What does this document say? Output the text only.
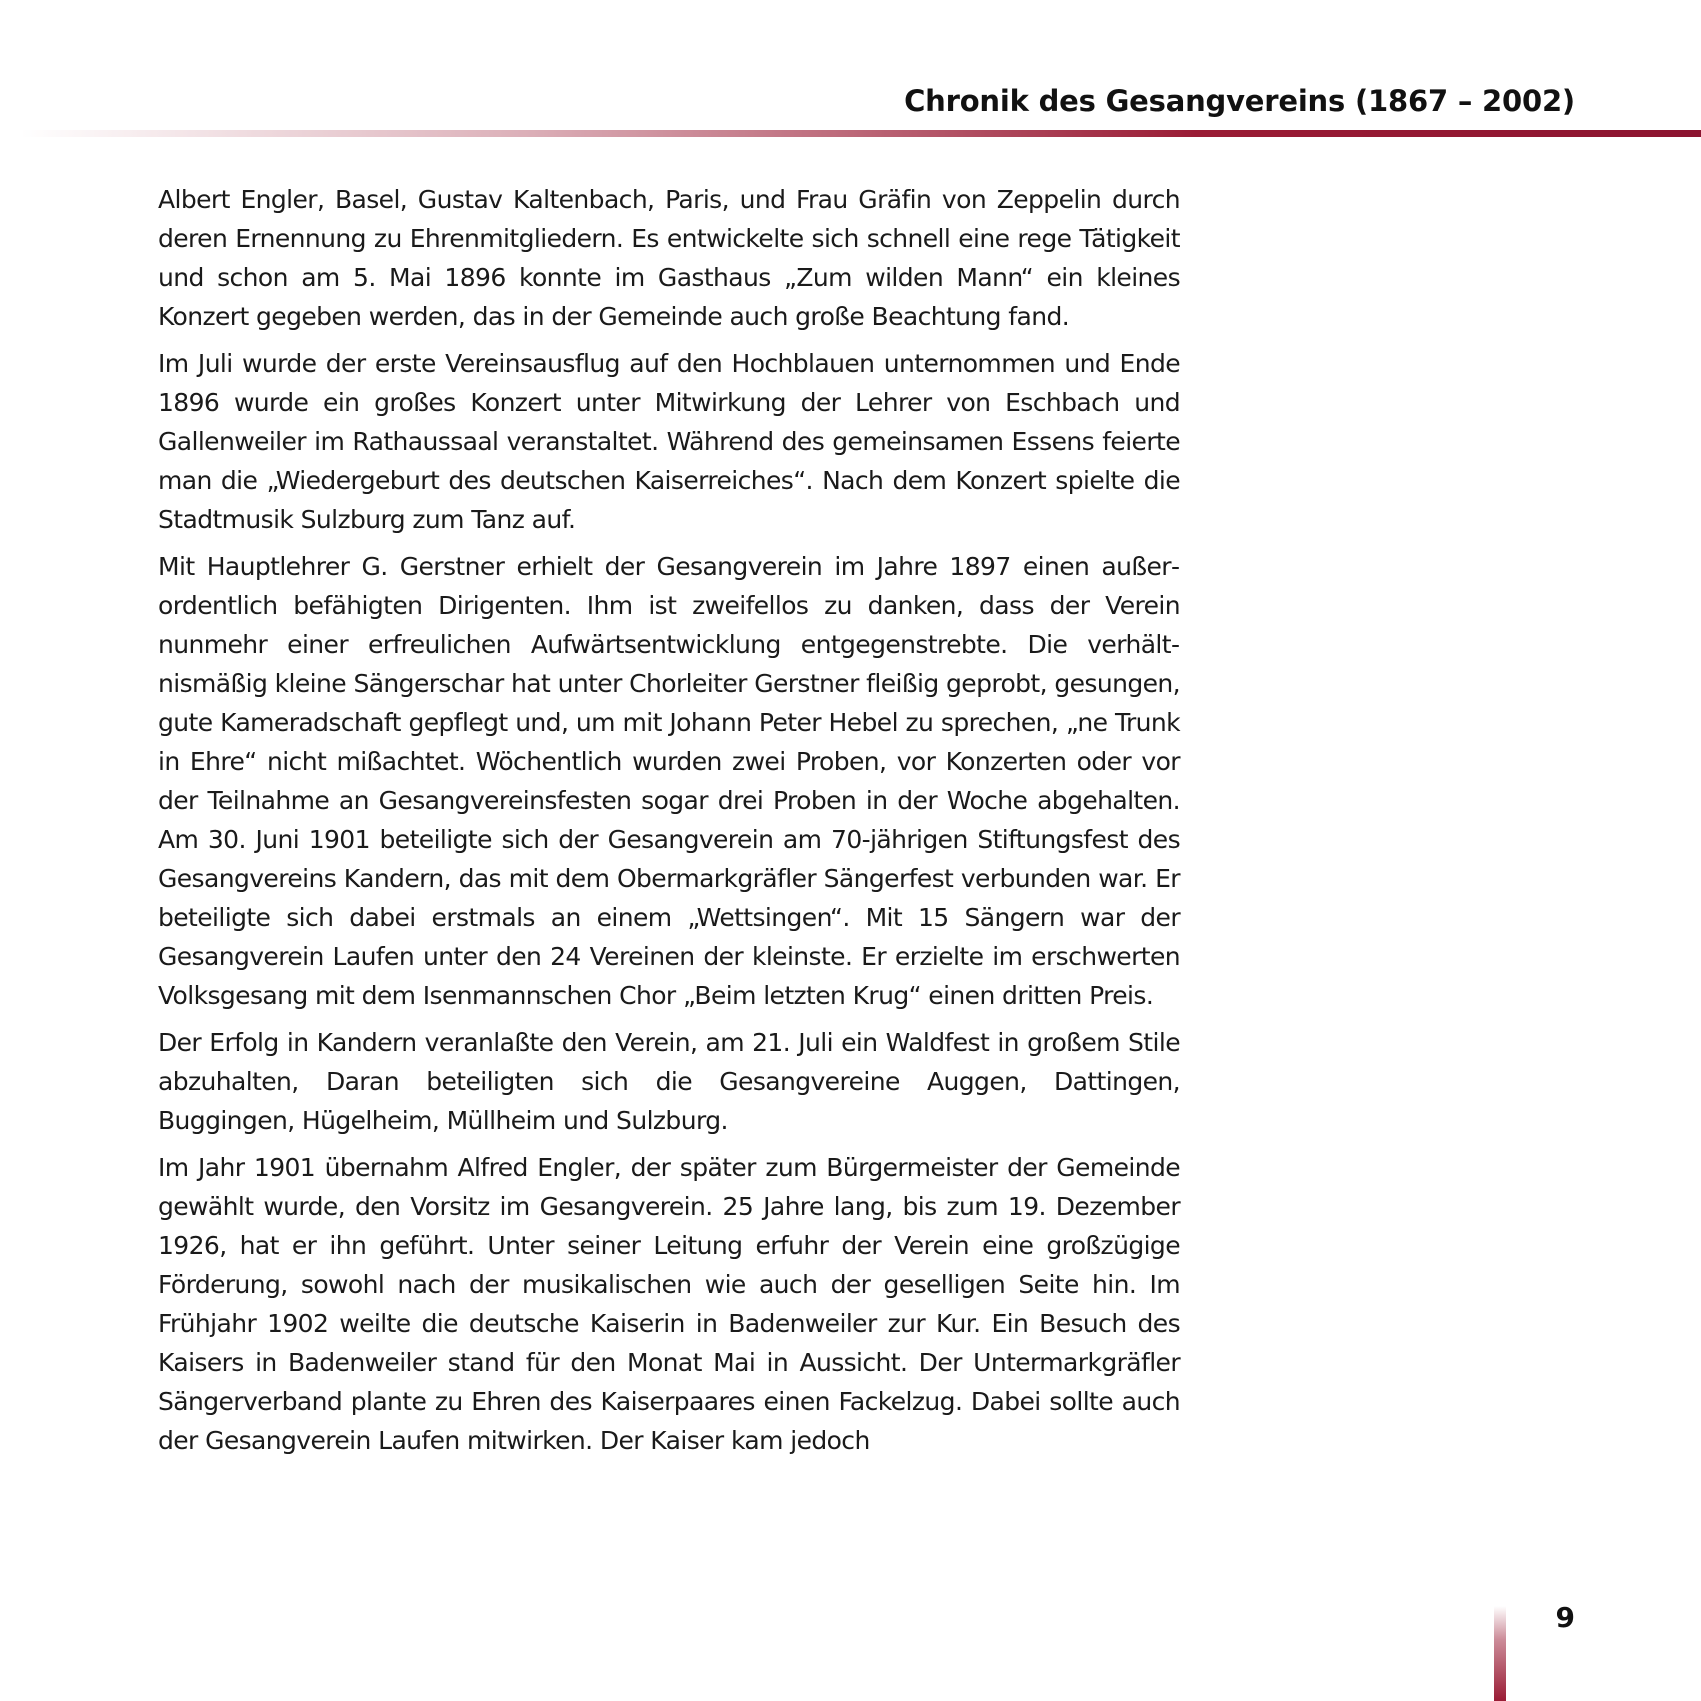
Chronik des Gesangvereins (1867 – 2002)

Albert Engler, Basel, Gustav Kaltenbach, Paris, und Frau Gräfin von Zeppelin durch deren Ernennung zu Ehrenmitgliedern. Es entwickelte sich schnell eine rege Tätigkeit und schon am 5. Mai 1896 konnte im Gasthaus „Zum wilden Mann“ ein kleines Konzert gegeben werden, das in der Gemeinde auch große Beachtung fand.

Im Juli wurde der erste Vereinsausflug auf den Hochblauen unternommen und Ende 1896 wurde ein großes Konzert unter Mitwirkung der Lehrer von Eschbach und Gallenweiler im Rathaussaal veranstaltet. Während des gemeinsamen Essens feierte man die „Wiedergeburt des deutschen Kaiserreiches“. Nach dem Konzert spielte die Stadtmusik Sulzburg zum Tanz auf.

Mit Hauptlehrer G. Gerstner erhielt der Gesangverein im Jahre 1897 einen außerordentlich befähigten Dirigenten. Ihm ist zweifellos zu danken, dass der Verein nunmehr einer erfreulichen Aufwärtsentwicklung entgegenstrebte. Die verhältnismäßig kleine Sängerschar hat unter Chorleiter Gerstner fleißig geprobt, gesungen, gute Kameradschaft gepflegt und, um mit Johann Peter Hebel zu sprechen, „ne Trunk in Ehre“ nicht mißachtet. Wöchentlich wurden zwei Proben, vor Konzerten oder vor der Teilnahme an Gesangvereinsfesten sogar drei Proben in der Woche abgehalten. Am 30. Juni 1901 beteiligte sich der Gesangverein am 70-jährigen Stiftungsfest des Gesangvereins Kandern, das mit dem Obermarkgräfler Sängerfest verbunden war. Er beteiligte sich dabei erstmals an einem „Wettsingen“. Mit 15 Sängern war der Gesangverein Laufen unter den 24 Vereinen der kleinste. Er erzielte im erschwerten Volksgesang mit dem Isenmannschen Chor „Beim letzten Krug“ einen dritten Preis.

Der Erfolg in Kandern veranlaßte den Verein, am 21. Juli ein Waldfest in großem Stile abzuhalten, Daran beteiligten sich die Gesangvereine Auggen, Dattingen, Buggingen, Hügelheim, Müllheim und Sulzburg.

Im Jahr 1901 übernahm Alfred Engler, der später zum Bürgermeister der Gemeinde gewählt wurde, den Vorsitz im Gesangverein. 25 Jahre lang, bis zum 19. Dezember 1926, hat er ihn geführt. Unter seiner Leitung erfuhr der Verein eine großzügige Förderung, sowohl nach der musikalischen wie auch der geselligen Seite hin. Im Frühjahr 1902 weilte die deutsche Kaiserin in Badenweiler zur Kur. Ein Besuch des Kaisers in Badenweiler stand für den Monat Mai in Aussicht. Der Untermarkgräfler Sängerverband plante zu Ehren des Kaiserpaares einen Fackelzug. Dabei sollte auch der Gesangverein Laufen mitwirken. Der Kaiser kam jedoch

9
